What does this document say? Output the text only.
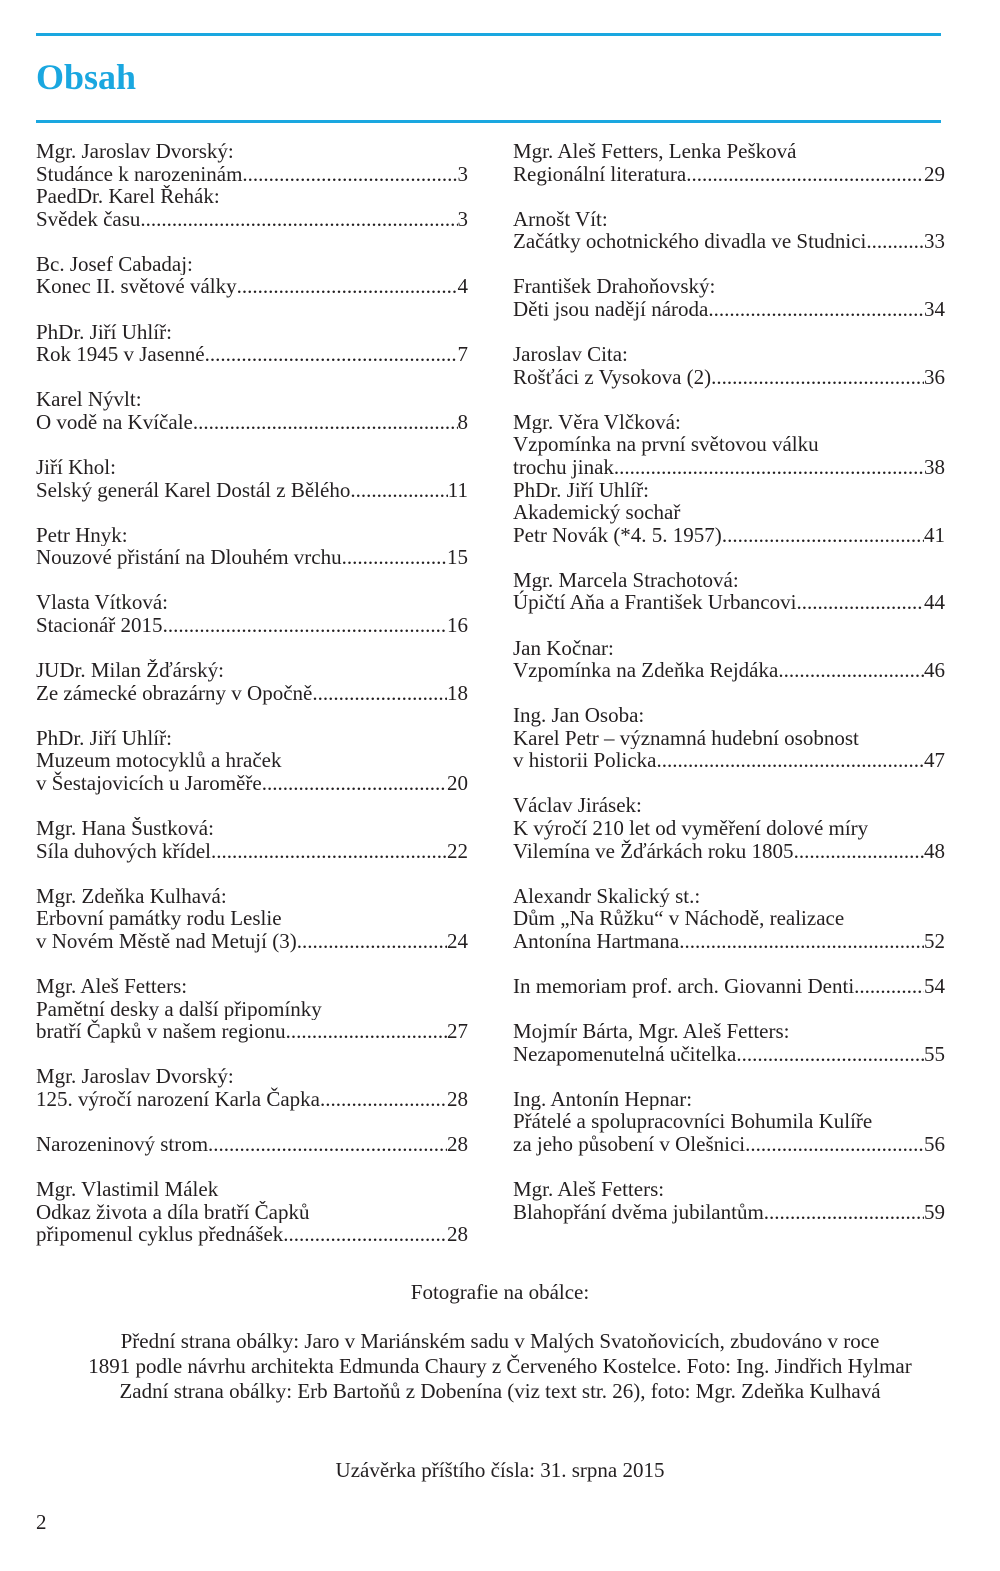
Obsah
Mgr. Jaroslav Dvorský:
Studánce k narozeninám .....	3
PaedDr. Karel Řehák:
Svědek času .....	3
Bc. Josef Cabadaj:
Konec II. světové války .....	4
PhDr. Jiří Uhlíř:
Rok 1945 v Jasenné .....	7
Karel Nývlt:
O vodě na Kvíčale .....	8
Jiří Khol:
Selský generál Karel Dostál z Bělého .....	11
Petr Hnyk:
Nouzové přistání na Dlouhém vrchu .....	15
Vlasta Vítková:
Stacionář 2015 .....	16
JUDr. Milan Žďárský:
Ze zámecké obrazárny v Opočně .....	18
PhDr. Jiří Uhlíř:
Muzeum motocyklů a hraček
v Šestajovicích u Jaroměře .....	20
Mgr. Hana Šustková:
Síla duhových křídel .....	22
Mgr. Zdeňka Kulhavá:
Erbovní památky rodu Leslie
v Novém Městě nad Metují (3) .....	24
Mgr. Aleš Fetters:
Pamětní desky a další připomínky
bratří Čapků v našem regionu .....	27
Mgr. Jaroslav Dvorský:
125. výročí narození Karla Čapka .....	28
Narozeninový strom .....	28
Mgr. Vlastimil Málek
Odkaz života a díla bratří Čapků
připomenul cyklus přednášek .....	28
Mgr. Aleš Fetters, Lenka Pešková
Regionální literatura .....	29
Arnošt Vít:
Začátky ochotnického divadla ve Studnici .....	33
František Drahoňovský:
Děti jsou nadějí národa .....	34
Jaroslav Cita:
Rošťáci z Vysokova (2) .....	36
Mgr. Věra Vlčková:
Vzpomínka na první světovou válku
trochu jinak .....	38
PhDr. Jiří Uhlíř:
Akademický sochař
Petr Novák (*4. 5. 1957) .....	41
Mgr. Marcela Strachotová:
Úpičtí Aňa a František Urbancovi .....	44
Jan Kočnar:
Vzpomínka na Zdeňka Rejdáka .....	46
Ing. Jan Osoba:
Karel Petr – významná hudební osobnost
v historii Policka .....	47
Václav Jirásek:
K výročí 210 let od vyměření dolové míry
Vilemína ve Žďárkách roku 1805 .....	48
Alexandr Skalický st.:
Dům „Na Růžku“ v Náchodě, realizace
Antonína Hartmana .....	52
In memoriam prof. arch. Giovanni Denti .....	54
Mojmír Bárta, Mgr. Aleš Fetters:
Nezapomenutelná učitelka .....	55
Ing. Antonín Hepnar:
Přátelé a spolupracovníci Bohumila Kulíře
za jeho působení v Olešnici .....	56
Mgr. Aleš Fetters:
Blahopřání dvěma jubilantům .....	59
Fotografie na obálce:
Přední strana obálky: Jaro v Mariánském sadu v Malých Svatoňovicích, zbudováno v roce
1891 podle návrhu architekta Edmunda Chaury z Červeného Kostelce. Foto: Ing. Jindřich Hylmar
Zadní strana obálky: Erb Bartoňů z Dobenína (viz text str. 26), foto: Mgr. Zdeňka Kulhavá
Uzávěrka příštího čísla: 31. srpna 2015
2
